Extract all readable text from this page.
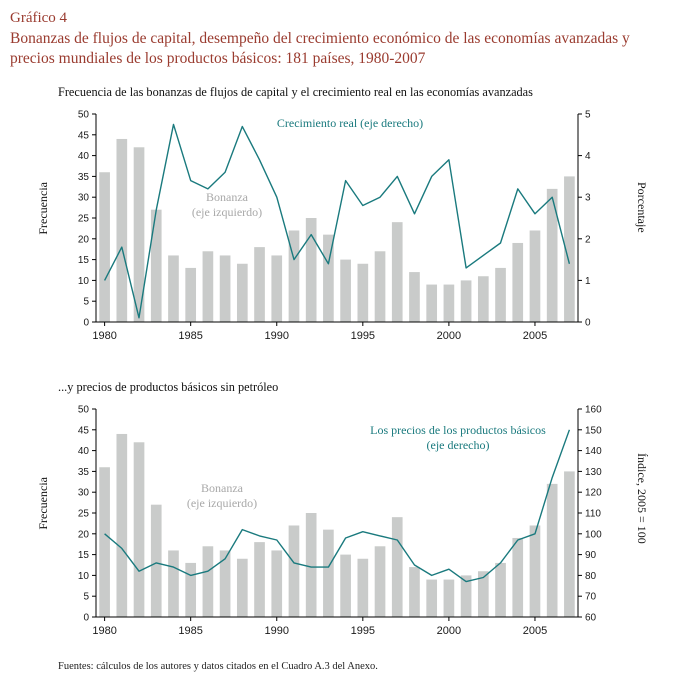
Gráfico 4
Bonanzas de flujos de capital, desempeño del crecimiento económico de las economías avanzadas y precios mundiales de los productos básicos: 181 países, 1980-2007
Frecuencia de las bonanzas de flujos de capital y el crecimiento real en las economías avanzadas
Frecuencia
0
5
10
15
20
25
30
35
40
45
50
0
1
2
3
4
5
1980	1985	1990	1995	2000	2005
Porcentaje
Crecimiento real (eje derecho)
Bonanza
(eje izquierdo)
...y precios de productos básicos sin petróleo
Frecuencia
0
5
10
15
20
25
30
35
40
45
50
60
70
80
90
100
110
120
130
140
150
160
1980	1985	1990	1995	2000	2005
Índice, 2005 = 100
Los precios de los productos básicos
(eje derecho)
Bonanza
(eje izquierdo)
Fuentes: cálculos de los autores y datos citados en el Cuadro A.3 del Anexo.
